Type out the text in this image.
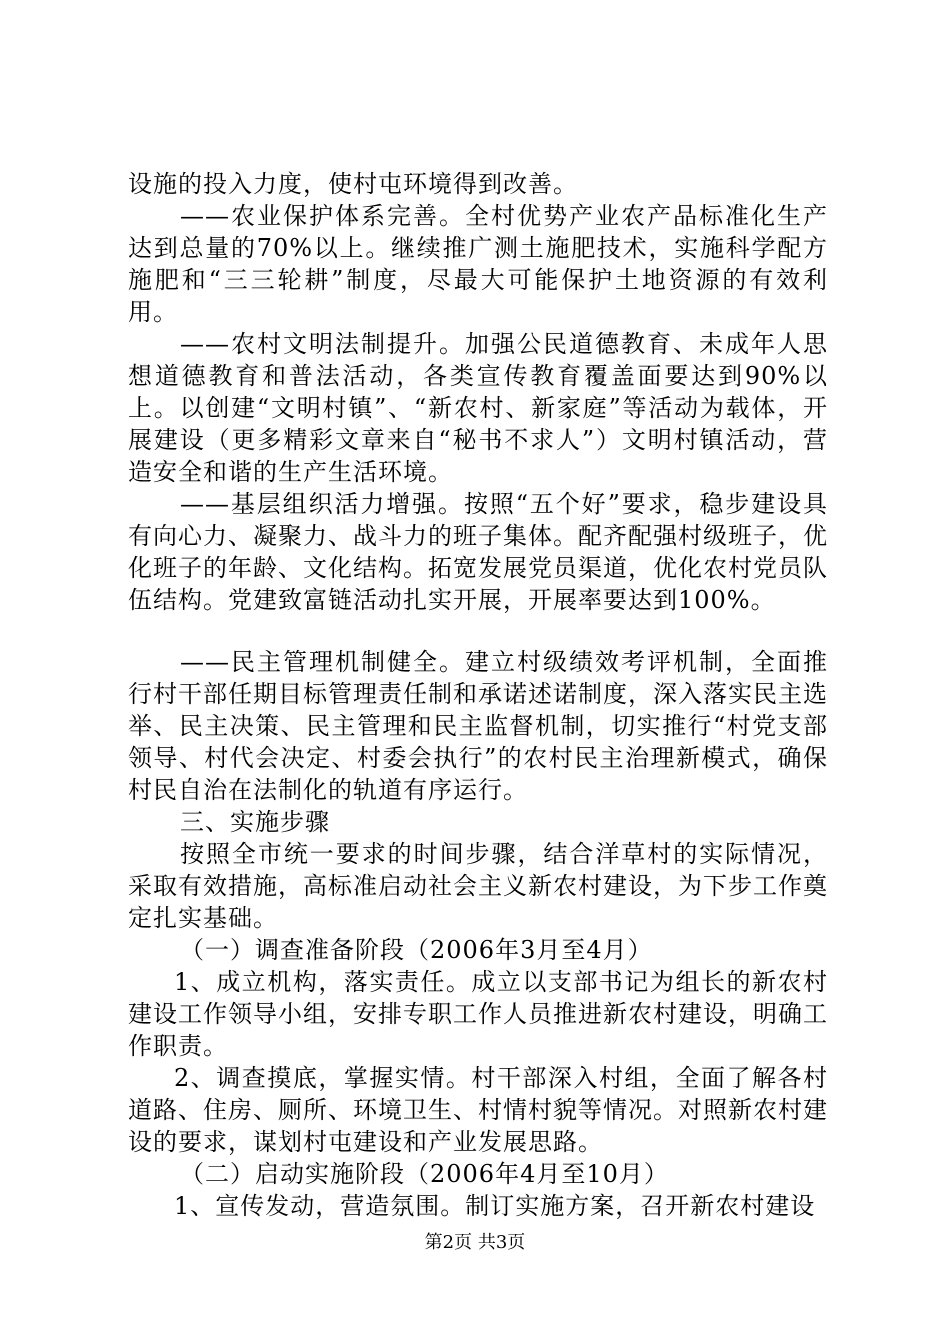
设施的投入力度，使村屯环境得到改善。

——农业保护体系完善。全村优势产业农产品标准化生产达到总量的70%以上。继续推广测土施肥技术，实施科学配方施肥和“三三轮耕”制度，尽最大可能保护土地资源的有效利用。

——农村文明法制提升。加强公民道德教育、未成年人思想道德教育和普法活动，各类宣传教育覆盖面要达到90%以上。以创建“文明村镇”、“新农村、新家庭”等活动为载体，开展建设（更多精彩文章来自“秘书不求人”）文明村镇活动，营造安全和谐的生产生活环境。

——基层组织活力增强。按照“五个好”要求，稳步建设具有向心力、凝聚力、战斗力的班子集体。配齐配强村级班子，优化班子的年龄、文化结构。拓宽发展党员渠道，优化农村党员队伍结构。党建致富链活动扎实开展，开展率要达到100%。

——民主管理机制健全。建立村级绩效考评机制，全面推行村干部任期目标管理责任制和承诺述诺制度，深入落实民主选举、民主决策、民主管理和民主监督机制，切实推行“村党支部领导、村代会决定、村委会执行”的农村民主治理新模式，确保村民自治在法制化的轨道有序运行。

三、实施步骤

按照全市统一要求的时间步骤，结合洋草村的实际情况，采取有效措施，高标准启动社会主义新农村建设，为下步工作奠定扎实基础。

（一）调查准备阶段（2006年3月至4月）

1、成立机构，落实责任。成立以支部书记为组长的新农村建设工作领导小组，安排专职工作人员推进新农村建设，明确工作职责。

2、调查摸底，掌握实情。村干部深入村组，全面了解各村道路、住房、厕所、环境卫生、村情村貌等情况。对照新农村建设的要求，谋划村屯建设和产业发展思路。

（二）启动实施阶段（2006年4月至10月）

1、宣传发动，营造氛围。制订实施方案，召开新农村建设

第2页 共3页
